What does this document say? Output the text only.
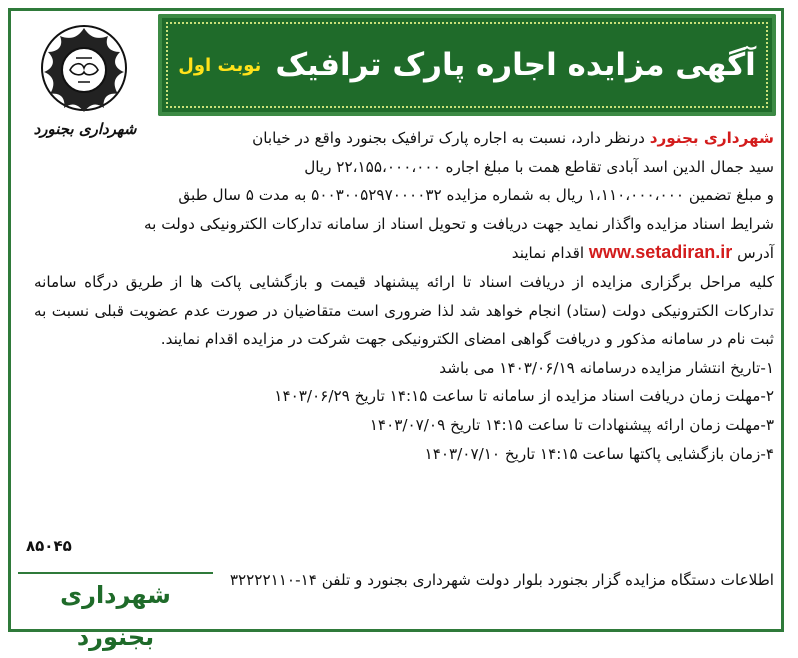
شهرداری بجنورد
آگهی مزایده اجاره پارک ترافیک
نوبت اول

شهرداری بجنورد درنظر دارد، نسبت به اجاره پارک ترافیک بجنورد واقع در خیابان
سید جمال الدین اسد آبادی تقاطع همت با مبلغ اجاره ۲۲،۱۵۵،۰۰۰،۰۰۰ ریال
و مبلغ تضمین ۱،۱۱۰،۰۰۰،۰۰۰ ریال به شماره مزایده ۵۰۰۳۰۰۵۲۹۷۰۰۰۰۳۲ به مدت ۵ سال طبق
شرایط اسناد مزایده واگذار نماید جهت دریافت و تحویل اسناد از سامانه تدارکات الکترونیکی دولت به
آدرس www.setadiran.ir اقدام نمایند

کلیه مراحل برگزاری مزایده از دریافت اسناد تا ارائه پیشنهاد قیمت و بازگشایی پاکت ها از طریق درگاه سامانه تدارکات الکترونیکی دولت (ستاد) انجام خواهد شد لذا ضروری است متقاضیان در صورت عدم عضویت قبلی نسبت به ثبت نام در سامانه مذکور و دریافت گواهی امضای الکترونیکی جهت شرکت در مزایده اقدام نمایند.

۱-تاریخ انتشار مزایده درسامانه ۱۴۰۳/۰۶/۱۹ می باشد
۲-مهلت زمان دریافت اسناد مزایده از سامانه تا ساعت ۱۴:۱۵ تاریخ ۱۴۰۳/۰۶/۲۹
۳-مهلت زمان ارائه پیشنهادات تا ساعت ۱۴:۱۵ تاریخ ۱۴۰۳/۰۷/۰۹
۴-زمان بازگشایی پاکتها ساعت ۱۴:۱۵ تاریخ ۱۴۰۳/۰۷/۱۰
۸۵۰۴۵
اطلاعات دستگاه مزایده گزار بجنورد بلوار دولت شهرداری بجنورد و تلفن ۱۴-۳۲۲۲۲۱۱۰
شهرداری بجنورد
